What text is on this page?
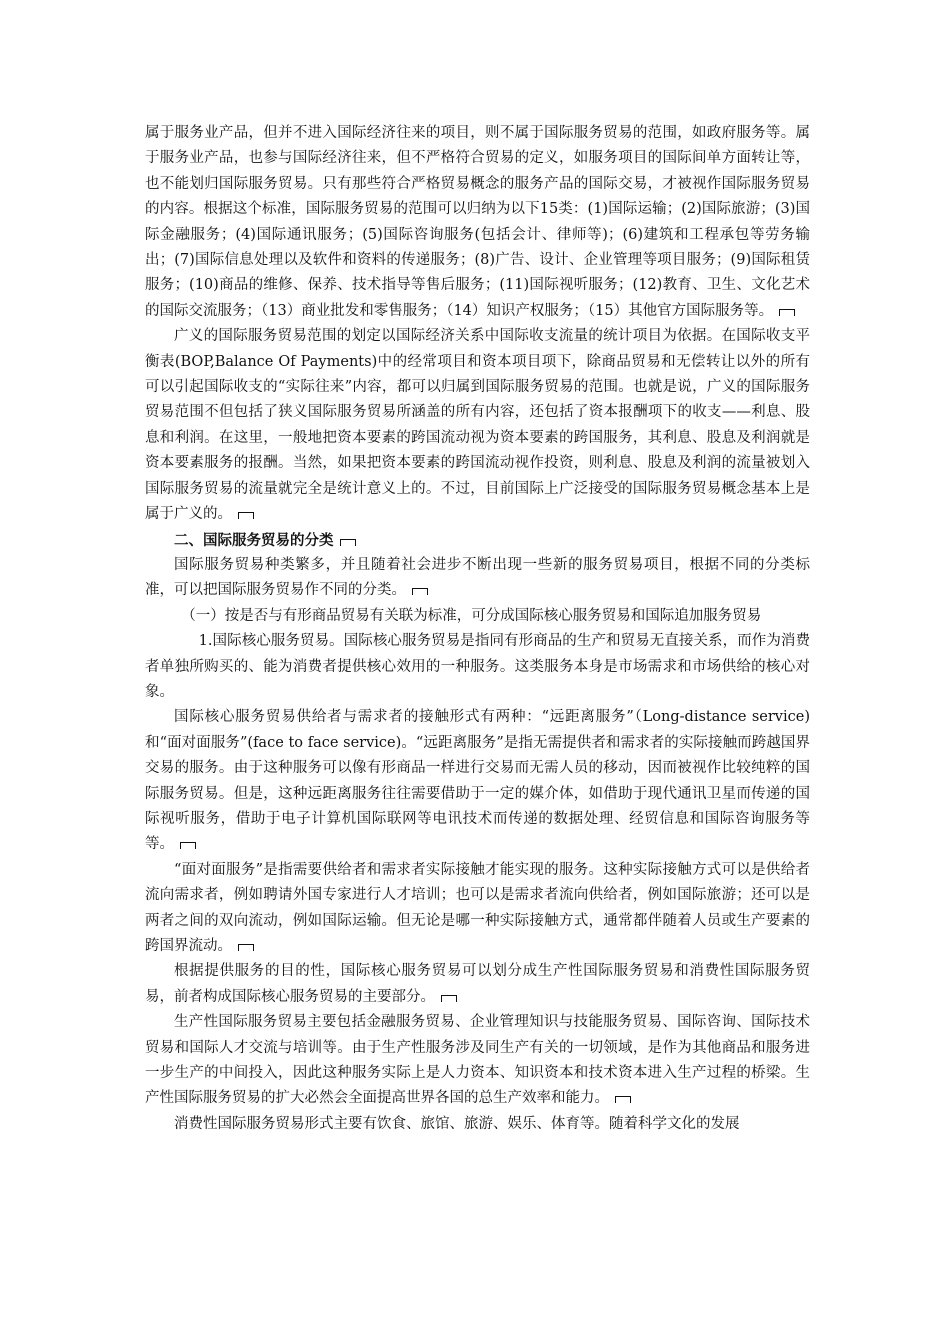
属于服务业产品，但并不进入国际经济往来的项目，则不属于国际服务贸易的范围，如政府服务等。属于服务业产品，也参与国际经济往来，但不严格符合贸易的定义，如服务项目的国际间单方面转让等，也不能划归国际服务贸易。只有那些符合严格贸易概念的服务产品的国际交易，才被视作国际服务贸易的内容。根据这个标准，国际服务贸易的范围可以归纳为以下15类：(1)国际运输；(2)国际旅游；(3)国际金融服务；(4)国际通讯服务；(5)国际咨询服务(包括会计、律师等)；(6)建筑和工程承包等劳务输出；(7)国际信息处理以及软件和资料的传递服务；(8)广告、设计、企业管理等项目服务；(9)国际租赁服务；(10)商品的维修、保养、技术指导等售后服务；(11)国际视听服务；(12)教育、卫生、文化艺术的国际交流服务；（13）商业批发和零售服务；（14）知识产权服务；（15）其他官方国际服务等。

广义的国际服务贸易范围的划定以国际经济关系中国际收支流量的统计项目为依据。在国际收支平衡表(BOP,Balance Of Payments)中的经常项目和资本项目项下，除商品贸易和无偿转让以外的所有可以引起国际收支的“实际往来”内容，都可以归属到国际服务贸易的范围。也就是说，广义的国际服务贸易范围不但包括了狭义国际服务贸易所涵盖的所有内容，还包括了资本报酬项下的收支——利息、股息和利润。在这里，一般地把资本要素的跨国流动视为资本要素的跨国服务，其利息、股息及利润就是资本要素服务的报酬。当然，如果把资本要素的跨国流动视作投资，则利息、股息及利润的流量被划入国际服务贸易的流量就完全是统计意义上的。不过，目前国际上广泛接受的国际服务贸易概念基本上是属于广义的。

二、国际服务贸易的分类

国际服务贸易种类繁多，并且随着社会进步不断出现一些新的服务贸易项目，根据不同的分类标准，可以把国际服务贸易作不同的分类。

（一）按是否与有形商品贸易有关联为标准，可分成国际核心服务贸易和国际追加服务贸易

1.国际核心服务贸易。国际核心服务贸易是指同有形商品的生产和贸易无直接关系，而作为消费者单独所购买的、能为消费者提供核心效用的一种服务。这类服务本身是市场需求和市场供给的核心对象。

国际核心服务贸易供给者与需求者的接触形式有两种：“远距离服务”（Long-distance service)和“面对面服务”(face to face service)。“远距离服务”是指无需提供者和需求者的实际接触而跨越国界交易的服务。由于这种服务可以像有形商品一样进行交易而无需人员的移动，因而被视作比较纯粹的国际服务贸易。但是，这种远距离服务往往需要借助于一定的媒介体，如借助于现代通讯卫星而传递的国际视听服务，借助于电子计算机国际联网等电讯技术而传递的数据处理、经贸信息和国际咨询服务等等。

“面对面服务”是指需要供给者和需求者实际接触才能实现的服务。这种实际接触方式可以是供给者流向需求者，例如聘请外国专家进行人才培训；也可以是需求者流向供给者，例如国际旅游；还可以是两者之间的双向流动，例如国际运输。但无论是哪一种实际接触方式，通常都伴随着人员或生产要素的跨国界流动。

根据提供服务的目的性，国际核心服务贸易可以划分成生产性国际服务贸易和消费性国际服务贸易，前者构成国际核心服务贸易的主要部分。

生产性国际服务贸易主要包括金融服务贸易、企业管理知识与技能服务贸易、国际咨询、国际技术贸易和国际人才交流与培训等。由于生产性服务涉及同生产有关的一切领域，是作为其他商品和服务进一步生产的中间投入，因此这种服务实际上是人力资本、知识资本和技术资本进入生产过程的桥梁。生产性国际服务贸易的扩大必然会全面提高世界各国的总生产效率和能力。

消费性国际服务贸易形式主要有饮食、旅馆、旅游、娱乐、体育等。随着科学文化的发展
